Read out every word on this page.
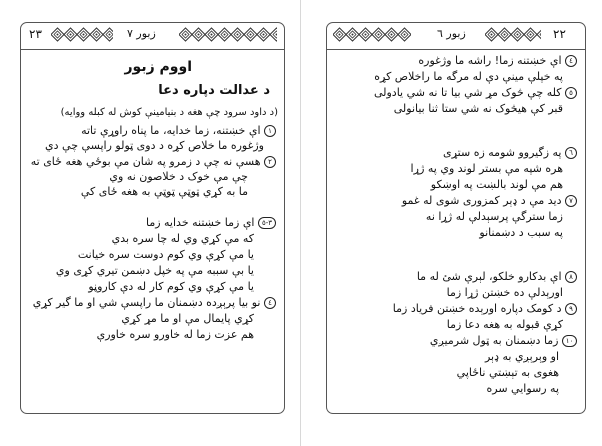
٢٣	زبور ٧
اووم زبور
د عدالت دپاره دعا
(د داود سرود چې هغه د بنيامينې کوش له کبله ووايه)
١ اې خښتنه، زما خدايه، ما پناه راوړې تاته
وژغوره ما خلاص کړه د دوی ټولو راپسې چې دي
٢ هسې نه چې د زمرو په شان مې بوځي هغه ځای ته
چې مې خوک د خلاصون نه وي
ما به کړي ټوټې ټوټې به هغه ځای کې
٣-٥ اې زما خښتنه خدايه زما
که مې کړي وي له چا سره بدي
يا مې کړې وي کوم دوست سره خيانت
يا بې سببه مې په خپل دښمن تيري کړی وي
يا مې کړې وي کوم کار له دې کاروڼو
٤ نو بيا پرېږده دښمنان ما راپسې شي او ما گير کړي
کړي پايمال مې او ما مړ کړي
هم عزت زما له خاورو سره خاورې
زبور ٦	٢٢
٤ اې خښتنه زما! راشه ما وژغوره
په خپلې مينې دې له مرگه ما راخلاص کړه
٥ کله چې څوک مړ شي بيا تا نه شي يادولی
قبر کې هيڅوک نه شي ستا ثنا بيانولی
٦ په زگيروو شومه زه ستړی
هره شپه مې بستر لوند وي په ژړا
هم مې لوند بالښت په اوښکو
٧ ديد مې د ډېر کمزوری شوی له غمو
زما سترگې پرسېدلې له ژړا نه
په سبب د دښمنانو
٨ اې بدکارو خلکو، لېرې شئ له ما
اورېدلې ده خښتن ژړا زما
٩ د کومک دپاره اورېده خښتن فرياد زما
کړې قبوله به هغه دعا زما
١٠ زما دښمنان به ټول شرميږي
او وېرېږي به ډېر
هغوی به تېښتي ناځاپي
په رسوايي سره
